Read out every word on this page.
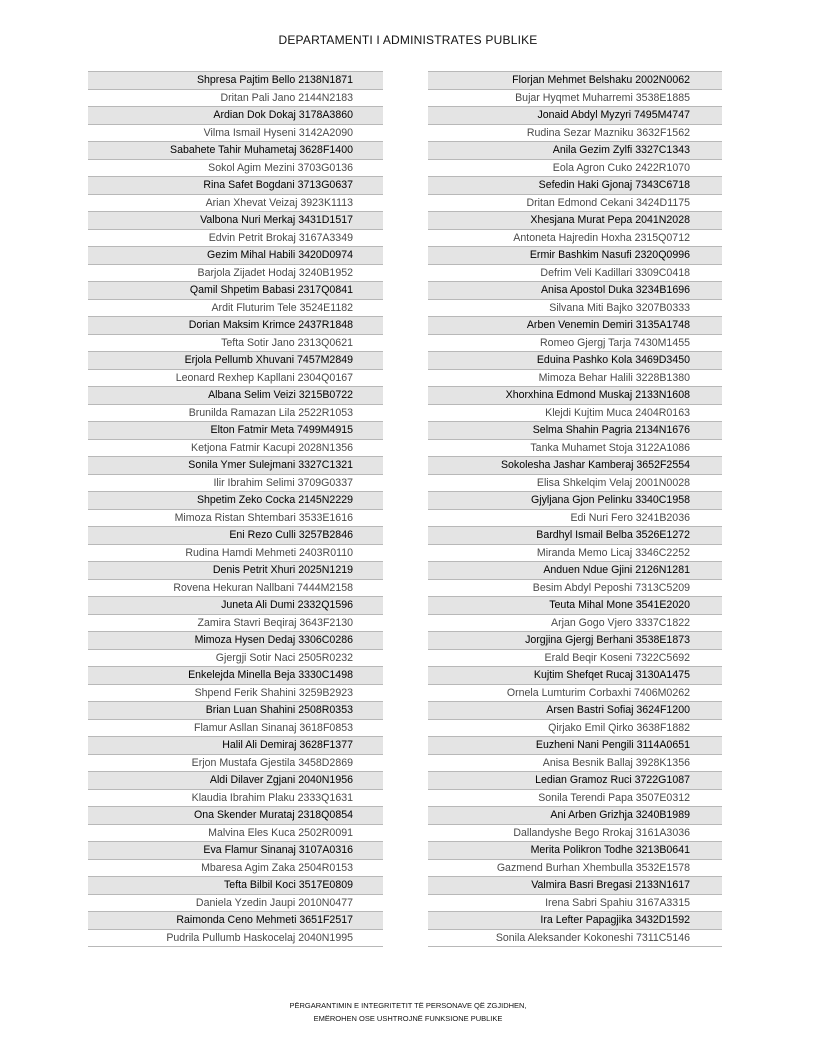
DEPARTAMENTI I ADMINISTRATES PUBLIKE
Shpresa Pajtim Bello 2138N1871
Dritan Pali Jano 2144N2183
Ardian Dok Dokaj 3178A3860
Vilma Ismail Hyseni 3142A2090
Sabahete Tahir Muhametaj 3628F1400
Sokol Agim Mezini 3703G0136
Rina Safet Bogdani 3713G0637
Arian Xhevat Veizaj 3923K1113
Valbona Nuri Merkaj 3431D1517
Edvin Petrit Brokaj 3167A3349
Gezim Mihal Habili 3420D0974
Barjola Zijadet Hodaj 3240B1952
Qamil Shpetim Babasi 2317Q0841
Ardit Fluturim Tele 3524E1182
Dorian Maksim Krimce 2437R1848
Tefta Sotir Jano 2313Q0621
Erjola Pellumb Xhuvani 7457M2849
Leonard Rexhep Kapllani 2304Q0167
Albana Selim Veizi 3215B0722
Brunilda Ramazan Lila 2522R1053
Elton Fatmir Meta 7499M4915
Ketjona Fatmir Kacupi 2028N1356
Sonila Ymer Sulejmani 3327C1321
Ilir Ibrahim Selimi 3709G0337
Shpetim Zeko Cocka 2145N2229
Mimoza Ristan Shtembari 3533E1616
Eni Rezo Culli 3257B2846
Rudina Hamdi Mehmeti 2403R0110
Denis Petrit Xhuri 2025N1219
Rovena Hekuran Nallbani 7444M2158
Juneta Ali Dumi 2332Q1596
Zamira Stavri Beqiraj 3643F2130
Mimoza Hysen Dedaj 3306C0286
Gjergji Sotir Naci 2505R0232
Enkelejda Minella Beja 3330C1498
Shpend Ferik Shahini 3259B2923
Brian Luan Shahini 2508R0353
Flamur Asllan Sinanaj 3618F0853
Halil Ali Demiraj 3628F1377
Erjon Mustafa Gjestila 3458D2869
Aldi Dilaver Zgjani 2040N1956
Klaudia Ibrahim Plaku 2333Q1631
Ona Skender Murataj 2318Q0854
Malvina Eles Kuca 2502R0091
Eva Flamur Sinanaj 3107A0316
Mbaresa Agim Zaka 2504R0153
Tefta Bilbil Koci 3517E0809
Daniela Yzedin Jaupi 2010N0477
Raimonda Ceno Mehmeti 3651F2517
Pudrila Pullumb Haskocelaj 2040N1995
Florjan Mehmet Belshaku 2002N0062
Bujar Hyqmet Muharremi 3538E1885
Jonaid Abdyl Myzyri 7495M4747
Rudina Sezar Mazniku 3632F1562
Anila Gezim Zylfi 3327C1343
Eola Agron Cuko 2422R1070
Sefedin Haki Gjonaj 7343C6718
Dritan Edmond Cekani 3424D1175
Xhesjana Murat Pepa 2041N2028
Antoneta Hajredin Hoxha 2315Q0712
Ermir Bashkim Nasufi 2320Q0996
Defrim Veli Kadillari 3309C0418
Anisa Apostol Duka 3234B1696
Silvana Miti Bajko 3207B0333
Arben Venemin Demiri 3135A1748
Romeo Gjergj Tarja 7430M1455
Eduina Pashko Kola 3469D3450
Mimoza Behar Halili 3228B1380
Xhorxhina Edmond Muskaj 2133N1608
Klejdi Kujtim Muca 2404R0163
Selma Shahin Pagria 2134N1676
Tanka Muhamet Stoja 3122A1086
Sokolesha Jashar Kamberaj 3652F2554
Elisa Shkelqim Velaj 2001N0028
Gjyljana Gjon Pelinku 3340C1958
Edi Nuri Fero 3241B2036
Bardhyl Ismail Belba 3526E1272
Miranda Memo Licaj 3346C2252
Anduen Ndue Gjini 2126N1281
Besim Abdyl Peposhi 7313C5209
Teuta Mihal Mone 3541E2020
Arjan Gogo Vjero 3337C1822
Jorgjina Gjergj Berhani 3538E1873
Erald Beqir Koseni 7322C5692
Kujtim Shefqet Rucaj 3130A1475
Ornela Lumturim Corbaxhi 7406M0262
Arsen Bastri Sofiaj 3624F1200
Qirjako Emil Qirko 3638F1882
Euzheni Nani Pengili 3114A0651
Anisa Besnik Ballaj 3928K1356
Ledian Gramoz Ruci 3722G1087
Sonila Terendi Papa 3507E0312
Ani Arben Grizhja 3240B1989
Dallandyshe Bego Rrokaj 3161A3036
Merita Polikron Todhe 3213B0641
Gazmend Burhan Xhembulla 3532E1578
Valmira Basri Bregasi 2133N1617
Irena Sabri Spahiu 3167A3315
Ira Lefter Papagjika 3432D1592
Sonila Aleksander Kokoneshi 7311C5146
PËRGARANTIMIN E INTEGRITETIT TË PERSONAVE QË ZGJIDHEN,
EMËROHEN OSE USHTROJNË FUNKSIONE PUBLIKE
